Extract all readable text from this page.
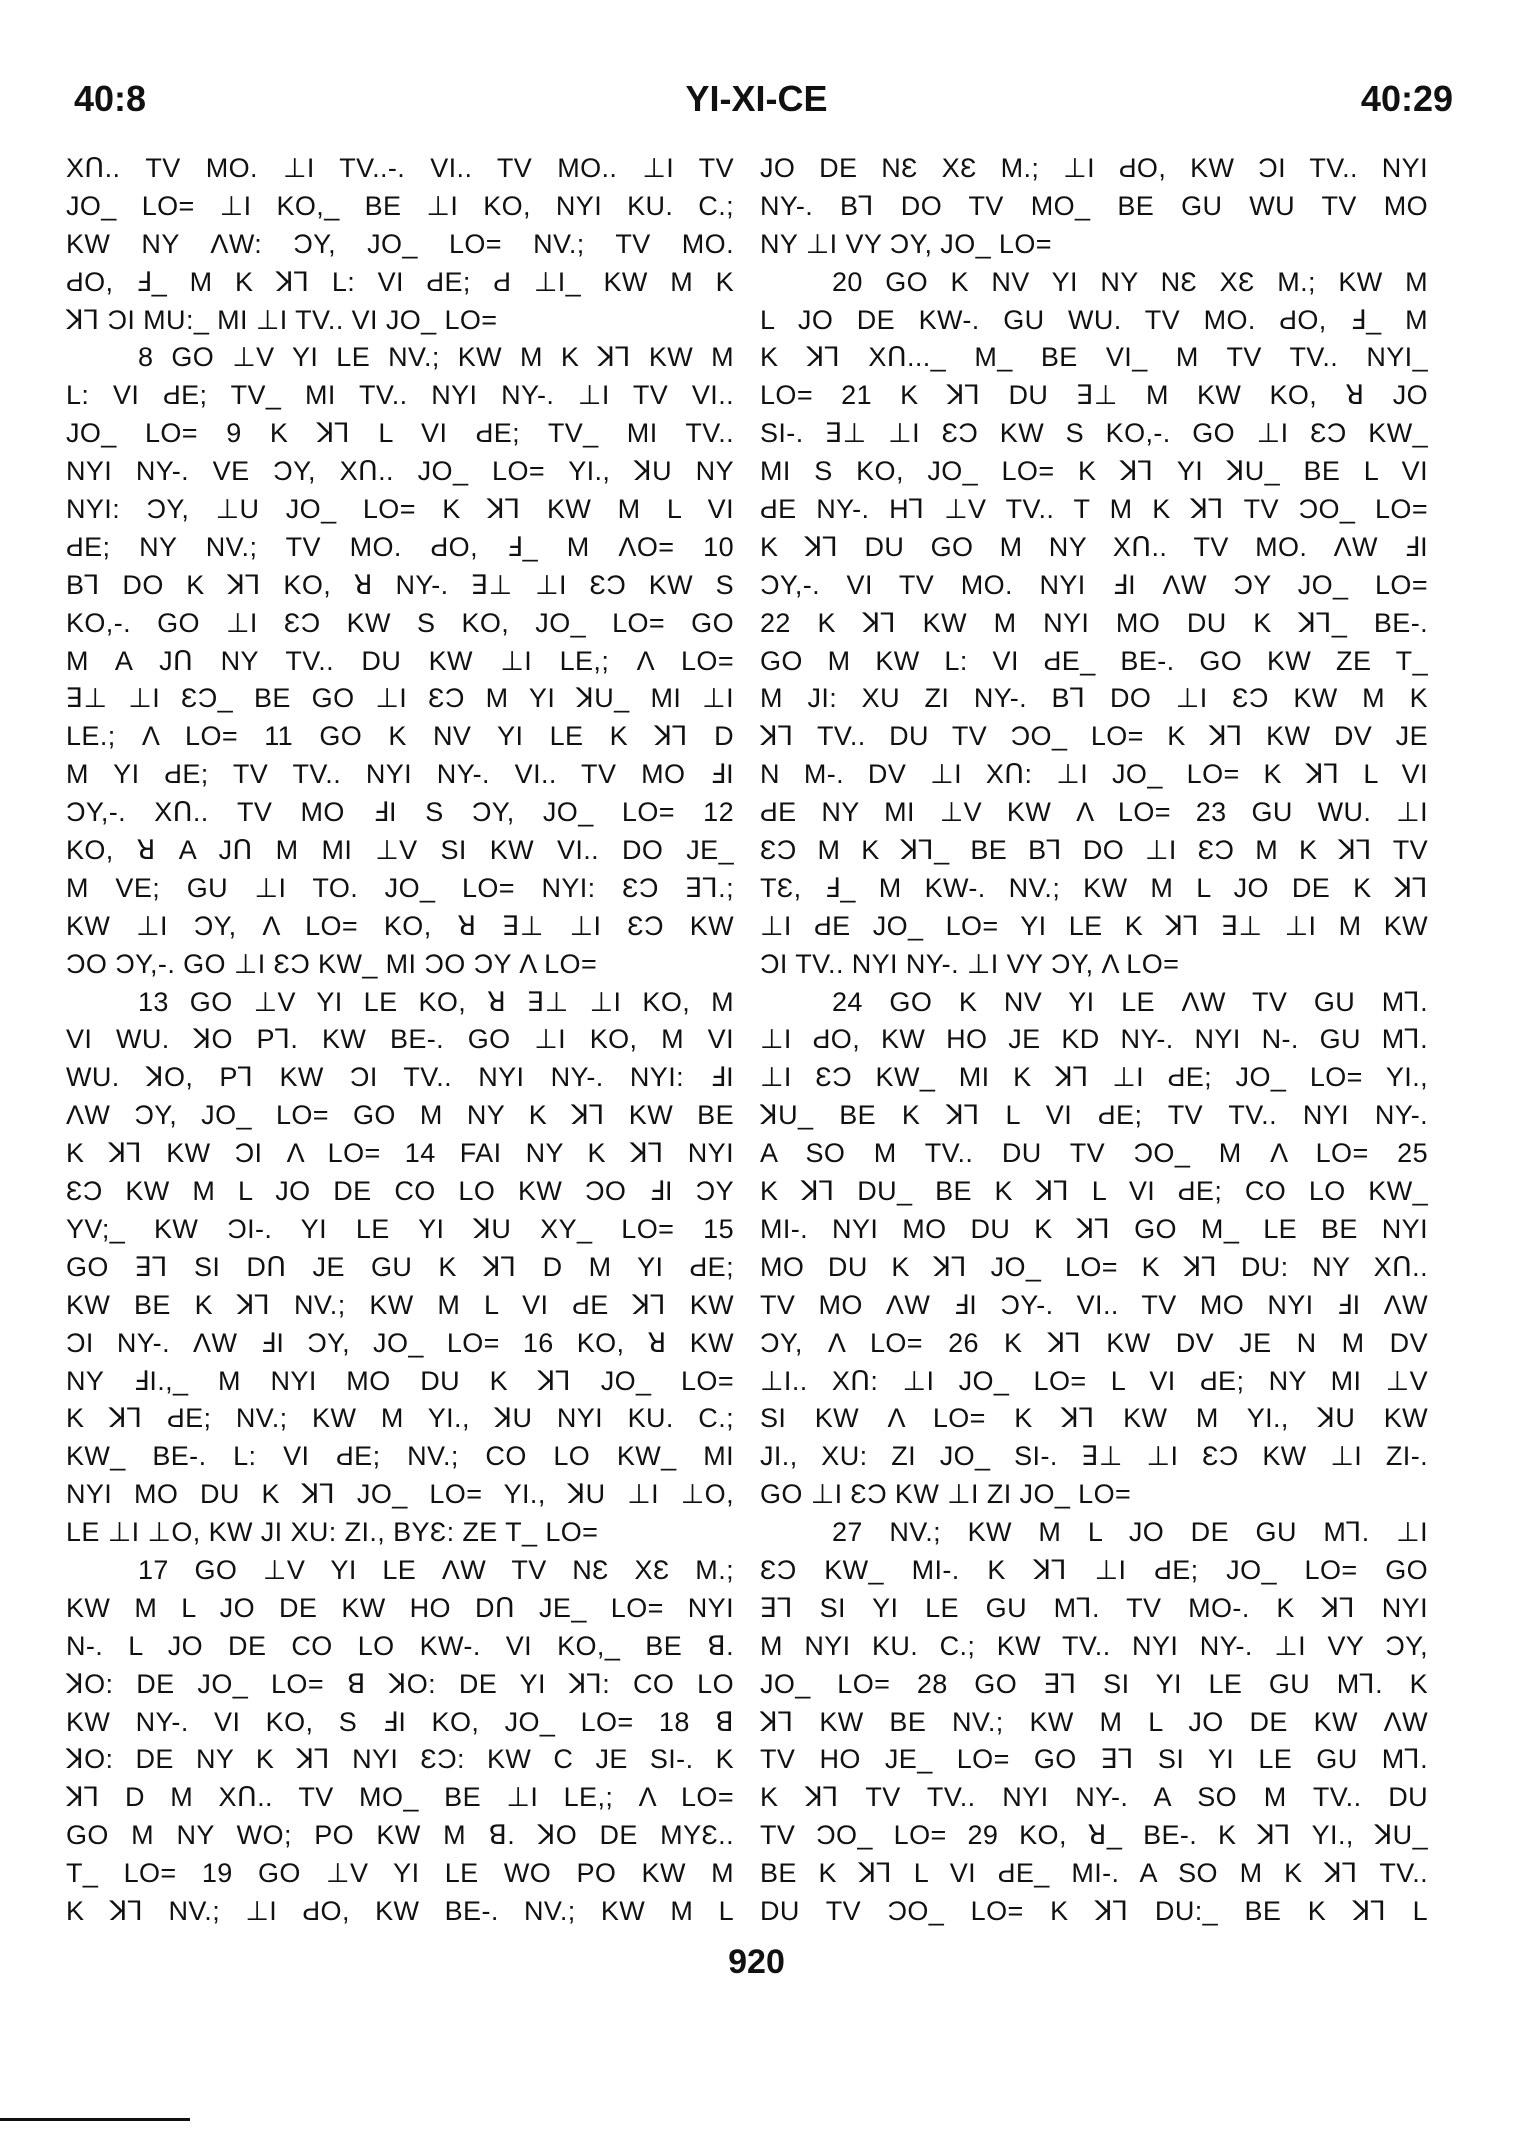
40:8	YI-XI-CE	40:29
XՈ.. TV MO. ⊥I TV..-. VI.. TV MO.. ⊥I TV
JO_ LO= ⊥I KO,_ BE ⊥I KO, NYI KU. C.;
KW NY ΛW: ƆY, JO_ LO= NV.; TV MO.
ԀO, Ⅎ_ M K ꓘ⅂ L: VI ԀE; Ԁ ⊥I_ KW M K
ꓘ⅂ ƆI MU:_ MI ⊥I TV.. VI JO_ LO=
8 GO ⊥V YI LE NV.; KW M K ꓘ⅂ KW M
L: VI ԀE; TV_ MI TV.. NYI NY-. ⊥I TV VI..
JO_ LO= 9 K ꓘ⅂ L VI ԀE; TV_ MI TV..
NYI NY-. VE ƆY, XՈ.. JO_ LO= YI., ꓘU NY
NYI: ƆY, ⊥U JO_ LO= K ꓘ⅂ KW M L VI
ԀE; NY NV.; TV MO. ԀO, Ⅎ_ M ΛO= 10
B⅂ DO K ꓘ⅂ KO, ꓤ NY-. ꓱ⊥ ⊥I ƐƆ KW S
KO,-. GO ⊥I ƐƆ KW S KO, JO_ LO= GO
M A JՈ NY TV.. DU KW ⊥I LE,; Λ LO=
ꓱ⊥ ⊥I ƐƆ_ BE GO ⊥I ƐƆ M YI ꓘU_ MI ⊥I
LE.; Λ LO= 11 GO K NV YI LE K ꓘ⅂ D
M YI ԀE; TV TV.. NYI NY-. VI.. TV MO ℲI
ƆY,-. XՈ.. TV MO ℲI S ƆY, JO_ LO= 12
KO, ꓤ A JՈ M MI ⊥V SI KW VI.. DO JE_
M VE; GU ⊥I TO. JO_ LO= NYI: ƐƆ ꓱ⅂.;
KW ⊥I ƆY, Λ LO= KO, ꓤ ꓱ⊥ ⊥I ƐƆ KW
ƆO ƆY,-. GO ⊥I ƐƆ KW_ MI ƆO ƆY Λ LO=
13 GO ⊥V YI LE KO, ꓤ ꓱ⊥ ⊥I KO, M
VI WU. ꓘO P⅂. KW BE-. GO ⊥I KO, M VI
WU. ꓘO, P⅂ KW ƆI TV.. NYI NY-. NYI: ℲI
ΛW ƆY, JO_ LO= GO M NY K ꓘ⅂ KW BE
K ꓘ⅂ KW ƆI Λ LO= 14 FAI NY K ꓘ⅂ NYI
ƐƆ KW M L JO DE CO LO KW ƆO ℲI ƆY
YV;_ KW ƆI-. YI LE YI ꓘU XY_ LO= 15
GO ꓱ⅂ SI DՈ JE GU K ꓘ⅂ D M YI ԀE;
KW BE K ꓘ⅂ NV.; KW M L VI ԀE ꓘ⅂ KW
ƆI NY-. ΛW ℲI ƆY, JO_ LO= 16 KO, ꓤ KW
NY ℲI.,_ M NYI MO DU K ꓘ⅂ JO_ LO=
K ꓘ⅂ ԀE; NV.; KW M YI., ꓘU NYI KU. C.;
KW_ BE-. L: VI ԀE; NV.; CO LO KW_ MI
NYI MO DU K ꓘ⅂ JO_ LO= YI., ꓘU ⊥I ⊥O,
LE ⊥I ⊥O, KW JI XU: ZI., BYƐ: ZE T_ LO=
17 GO ⊥V YI LE ΛW TV NƐ XƐ M.;
KW M L JO DE KW HO DՈ JE_ LO= NYI
N-. L JO DE CO LO KW-. VI KO,_ BE ꓭ.
ꓘO: DE JO_ LO= ꓭ ꓘO: DE YI ꓘ⅂: CO LO
KW NY-. VI KO, S ℲI KO, JO_ LO= 18 ꓭ
ꓘO: DE NY K ꓘ⅂ NYI ƐƆ: KW C JE SI-. K
ꓘ⅂ D M XՈ.. TV MO_ BE ⊥I LE,; Λ LO=
GO M NY WO; PO KW M ꓭ. ꓘO DE MYƐ..
T_ LO= 19 GO ⊥V YI LE WO PO KW M
K ꓘ⅂ NV.; ⊥I ԀO, KW BE-. NV.; KW M L
JO DE NƐ XƐ M.; ⊥I ԀO, KW ƆI TV.. NYI
NY-. B⅂ DO TV MO_ BE GU WU TV MO
NY ⊥I VY ƆY, JO_ LO=
20 GO K NV YI NY NƐ XƐ M.; KW M
L JO DE KW-. GU WU. TV MO. ԀO, Ⅎ_ M
K ꓘ⅂ XՈ..._ M_ BE VI_ M TV TV.. NYI_
LO= 21 K ꓘ⅂ DU ꓱ⊥ M KW KO, ꓤ JO
SI-. ꓱ⊥ ⊥I ƐƆ KW S KO,-. GO ⊥I ƐƆ KW_
MI S KO, JO_ LO= K ꓘ⅂ YI ꓘU_ BE L VI
ԀE NY-. H⅂ ⊥V TV.. T M K ꓘ⅂ TV ƆO_ LO=
K ꓘ⅂ DU GO M NY XՈ.. TV MO. ΛW ℲI
ƆY,-. VI TV MO. NYI ℲI ΛW ƆY JO_ LO=
22 K ꓘ⅂ KW M NYI MO DU K ꓘ⅂_ BE-.
GO M KW L: VI ԀE_ BE-. GO KW ZE T_
M JI: XU ZI NY-. B⅂ DO ⊥I ƐƆ KW M K
ꓘ⅂ TV.. DU TV ƆO_ LO= K ꓘ⅂ KW DV JE
N M-. DV ⊥I XՈ: ⊥I JO_ LO= K ꓘ⅂ L VI
ԀE NY MI ⊥V KW Λ LO= 23 GU WU. ⊥I
ƐƆ M K ꓘ⅂_ BE B⅂ DO ⊥I ƐƆ M K ꓘ⅂ TV
TƐ, Ⅎ_ M KW-. NV.; KW M L JO DE K ꓘ⅂
⊥I ԀE JO_ LO= YI LE K ꓘ⅂ ꓱ⊥ ⊥I M KW
ƆI TV.. NYI NY-. ⊥I VY ƆY, Λ LO=
24 GO K NV YI LE ΛW TV GU M⅂.
⊥I ԀO, KW HO JE KD NY-. NYI N-. GU M⅂.
⊥I ƐƆ KW_ MI K ꓘ⅂ ⊥I ԀE; JO_ LO= YI.,
ꓘU_ BE K ꓘ⅂ L VI ԀE; TV TV.. NYI NY-.
A SO M TV.. DU TV ƆO_ M Λ LO= 25
K ꓘ⅂ DU_ BE K ꓘ⅂ L VI ԀE; CO LO KW_
MI-. NYI MO DU K ꓘ⅂ GO M_ LE BE NYI
MO DU K ꓘ⅂ JO_ LO= K ꓘ⅂ DU: NY XՈ..
TV MO ΛW ℲI ƆY-. VI.. TV MO NYI ℲI ΛW
ƆY, Λ LO= 26 K ꓘ⅂ KW DV JE N M DV
⊥I.. XՈ: ⊥I JO_ LO= L VI ԀE; NY MI ⊥V
SI KW Λ LO= K ꓘ⅂ KW M YI., ꓘU KW
JI., XU: ZI JO_ SI-. ꓱ⊥ ⊥I ƐƆ KW ⊥I ZI-.
GO ⊥I ƐƆ KW ⊥I ZI JO_ LO=
27 NV.; KW M L JO DE GU M⅂. ⊥I
ƐƆ KW_ MI-. K ꓘ⅂ ⊥I ԀE; JO_ LO= GO
ꓱ⅂ SI YI LE GU M⅂. TV MO-. K ꓘ⅂ NYI
M NYI KU. C.; KW TV.. NYI NY-. ⊥I VY ƆY,
JO_ LO= 28 GO ꓱ⅂ SI YI LE GU M⅂. K
ꓘ⅂ KW BE NV.; KW M L JO DE KW ΛW
TV HO JE_ LO= GO ꓱ⅂ SI YI LE GU M⅂.
K ꓘ⅂ TV TV.. NYI NY-. A SO M TV.. DU
TV ƆO_ LO= 29 KO, ꓤ_ BE-. K ꓘ⅂ YI., ꓘU_
BE K ꓘ⅂ L VI ԀE_ MI-. A SO M K ꓘ⅂ TV..
DU TV ƆO_ LO= K ꓘ⅂ DU:_ BE K ꓘ⅂ L
920
